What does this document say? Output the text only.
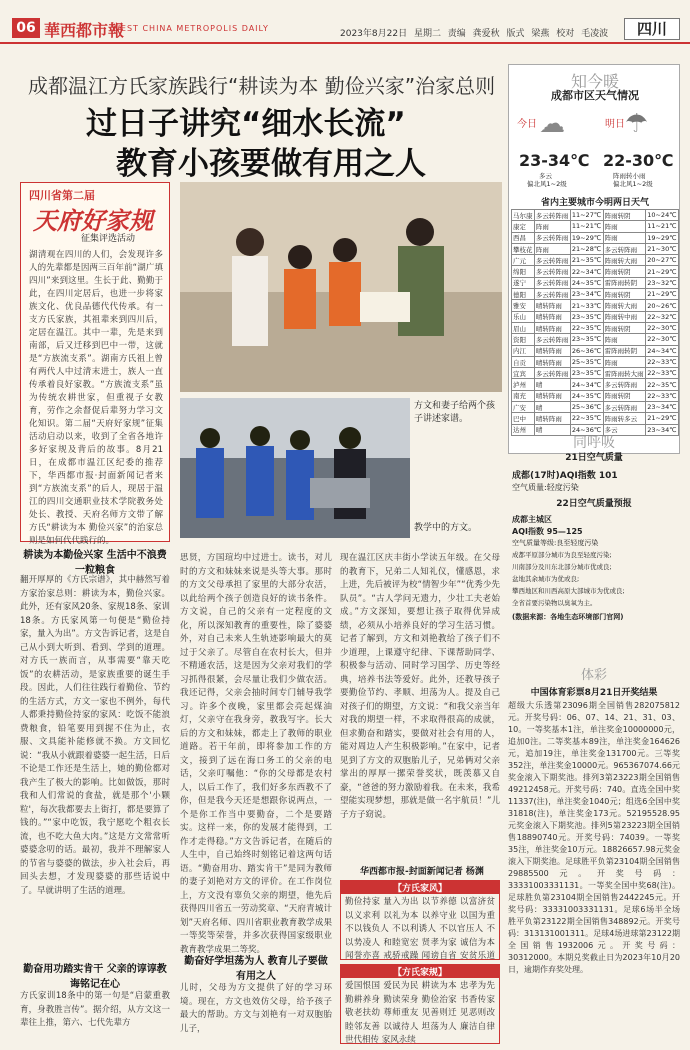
06 華西都市報
WEST CHINA METROPOLIS DAILY
2023年8月22日 星期二 责编 龚爱秋 版式 梁燕 校对 毛凌波	四川
成都温江方氏家族践行“耕读为本 勤俭兴家”治家总则
过日子讲究“细水长流”
教育小孩要做有用之人
四川省第二届
天府好家规
征集评选活动
湖清观在四川的人们，会发现许多人的先辈都是因两三百年前“湖广填四川”来到这里。生长于此、勤勤于此，在四川定居后，也进一步将家族文化、优良品德代代传承。有一支方氏家族，其祖辈来到四川后，定居在温江。其中一辈，先是来到南部，后又迁移到巴中一带，这就是“方族流支系”。湖南方氏祖上曾有两代人中过清末进士，族人一直传承着良好家教。“方族流支系”虽为传统农耕世家，但重视子女教育，劳作之余督促后辈努力学习文化知识。第二届“天府好家规”征集活动启动以来，收到了全省各地许多好家规及背后的故事。8月21日，在成都市温江区纪委的推荐下，华西都市报·封面新闻记者来到“方族流支系”的后人，现居于温江的四川交通职业技术学院教务处处长、教授、天府名师方文带了解方氏“耕读为本 勤俭兴家”的治家总则是如何代代践行的。
方文和妻子给两个孩子讲述家谱。
教学中的方文。
耕读为本勤俭兴家 生活中不浪费一粒粮食
翻开厚厚的《方氏宗谱》，其中赫然写着方家治家总则：耕读为本，勤俭兴家。此外，还有家风20条、家规18条、家训18条。方氏家风第一句便是“勤俭持家，量入为出”。方文告诉记者，这是自己从小到大听到、看到、学到的道理。对方氏一族而言，从事需要“靠天吃饭”的农耕活动，是家族重要的诞生手段。因此，人们往往践行着勤俭、节约的生活方式，方文一家也不例外，每代人都秉持勤俭持家的家风：吃饭不能浪费粮食，铅笔要用到握不住为止，衣服、文具能补能修就不换。方文回忆说：“我从小就跟着婆婆一起生活，日后不论是工作还是生活上，她的勤俭都对我产生了极大的影响。比如做饭，那时我和人们常说的食盐，就是那个'小颗粒'，每次我都要去上街打，都是要算了钱的。”“家中吃饭，我宁愿吃个粗衣长流，也不吃大鱼大肉。”这是方文常常听婆婆念叨的话。最初，我并不理解家人的节省与婆婆的做法，步入社会后，再回头去想，才发现婆婆的那些话说中了。早就讲明了生活的道理。
勤奋用功踏实肯干 父亲的谆谆教诲铭记在心
方氏家训18条中的第一句是“启蒙重教育，身教胜言传”。据介绍，从方文这一辈往上推，第六、七代先辈方
思贤，方国瑄均中过进士。读书，对儿时的方文和妹妹来说是头等大事。那时的方文父母承担了家里的大部分农活，以此给两个孩子创造良好的读书条件。方文说，自己的父亲有一定程度的文化，所以深知教育的重要性，除了婆婆外，对自己未来人生轨迹影响最大的莫过于父亲了。尽管自在农村长大，但并不精通农活，这是因为父亲对我们的学习抓得很紧，会尽量让我们少做农活。我还记得，父亲会抽时间专门辅导我学习。许多个夜晚，家里都会亮起煤油灯，父亲守在我身旁，教我写字。长大后的方文和妹妹，都走上了教师的职业道路。若干年前，即将参加工作的方文，接到了远在海口务工的父亲的电话，父亲叮嘱他：“你的父母都是农村人，以后工作了，我们好多东西教不了你，但是我今天还是想跟你说两点，一个是你工作当中要勤奋，二个是要踏实。这样一来，你的发展才能得到，工作才走得稳。”方文告诉记者，在随后的人生中，自己始终时刻铭记着这两句话语。“勤奋用功、踏实肯干”是同为教师的妻子刘艳对方文的评价。在工作岗位上，方文没有辜负父亲的期望，他先后获得四川省五一劳动奖章、“天府青城计划”天府名师、四川省职业教育教学成果一等奖等荣誉，并多次获得国家级职业教育教学成果二等奖。
勤奋好学坦荡为人 教育儿子要做有用之人
儿时，父母为方文提供了好的学习环境。现在，方文也效仿父母，给予孩子最大的帮助。方文与刘艳有一对双胞胎儿子，
现在温江区庆丰街小学读五年级。在父母的教育下，兄弟二人知礼仪，懂感恩，求上进，先后被评为校“情智少年”“优秀少先队员”。“古人学问无遗力，少壮工夫老始成。”方文深知，要想让孩子取得优异成绩，必须从小培养良好的学习生活习惯。记者了解到，方文和刘艳教给了孩子们不少道理，上课遵守纪律、下课帮助同学、积极参与活动、同时学习国学、历史等经典，培养书法等爱好。此外，还教导孩子要勤俭节约、孝顺、坦荡为人。提及自己对孩子们的期望，方文说：“和我父亲当年对我的期望一样，不求取得很高的成就，但求勤奋和踏实，要做对社会有用的人，能对周边人产生积极影响。”在家中，记者见到了方文的双胞胎儿子，兄弟俩对父亲掌出的厚厚一摞荣誉奖状，既羡慕又自豪，“爸爸的努力激励着我。在未来，我希望能实现梦想，那就是做一名宇航员！”儿子方子窈说。
华西都市报-封面新闻记者 杨渊
【方氏家风】
勤俭持家 量入为出 以节养德 以富济贫 以义求利 以礼为本 以养守业 以国为重 不以钱负人 不以利诱人 不以官压人 不以势凌人 和睦宽宏 贤孝为家 诚信为本 闻誉亦喜 戒骄戒躁 闻谤自省 安贫乐道
【方氏家规】
爱国恨国 爱民为民 耕读为本 忠孝为先 勤耕养身 勤读荣身 勤俭治家 书香传家 敬老扶幼 尊师重友 见善则迁 见恶则改 睦邻友善 以诚待人 坦荡为人 廉洁自律 世代相传 家风永续
知今暖
成都市区天气情况
今日	明日
☁ ☂
23-34℃ 22-30℃
多云
偏北风1~2级
阵雨转小雨
偏北风1~2级
省内主要城市今明两日天气
马尔康	多云转阵雨	11~27℃	阵雨转阴	10~24℃
康定	阵雨	11~21℃	阵雨	11~21℃
西昌	多云转阵雨	19~29℃	阵雨	19~29℃
攀枝花	阵雨	21~28℃	多云转阵雨	21~30℃
广元	多云转阵雨	21~35℃	阵雨转大雨	20~27℃
绵阳	多云转阵雨	22~34℃	阵雨转阴	21~29℃
遂宁	多云转阵雨	24~35℃	雷阵雨转阴	23~32℃
德阳	多云转阵雨	23~34℃	阵雨转阴	21~29℃
雅安	晴转阵雨	21~33℃	阵雨转大雨	20~26℃
乐山	晴转阵雨	23~35℃	阵雨转中雨	22~32℃
眉山	晴转阵雨	22~35℃	阵雨转阴	22~30℃
资阳	多云转阵雨	23~35℃	阵雨	22~30℃
内江	晴转阵雨	26~36℃	雷阵雨转阴	24~34℃
自贡	晴转阵雨	25~35℃	阵雨	22~33℃
宜宾	多云转阵雨	23~35℃	雷阵雨转大雨	22~33℃
泸州	晴	24~34℃	多云转阵雨	22~35℃
南充	晴转阵雨	24~35℃	阵雨转阴	22~33℃
广安	晴	25~36℃	多云转阵雨	23~34℃
巴中	晴转阵雨	22~35℃	阵雨转多云	21~29℃
达州	晴	24~36℃	多云	23~34℃
同呼吸
21日空气质量
成都(17时)AQI指数 101
空气质量:轻度污染
22日空气质量预报
成都主城区
AQI指数 95—125
空气质量等级:良至轻度污染
成都平原部分城市为良至轻度污染;
川南部分及川东北部分城市优或良;
盆地其余城市为优或良;
攀西地区和川西高原大部城市为优或良;
全省首要污染物以臭氧为主。
(数据来源：各地生态环境部门官网)
体彩
中国体育彩票8月21日开奖结果
超级大乐透第23096期全国销售282075812元。开奖号码：06、07、14、21、31、03、10。一等奖基本1注，单注奖金10000000元，追加0注。二等奖基本89注，单注奖金164626元，追加19注，单注奖金131700元。三等奖352注，单注奖金10000元。965367074.66元奖金滚入下期奖池。排列3第23223期全国销售49212458元。开奖号码：740。直选全国中奖11337(注)，单注奖金1040元；组选6全国中奖31818(注)，单注奖金173元。52195528.95元奖金滚入下期奖池。排列5第23223期全国销售18890740元。开奖号码：74039。一等奖35注，单注奖金10万元。18826657.98元奖金滚入下期奖池。足球胜平负第23104期全国销售29885500元。开奖号码：33331003331131。一等奖全国中奖68(注)。足球胜负第23104期全国销售2442245元。开奖号码：33331003331131。足球6场半全场胜平负第23122期全国销售348892元。开奖号码：313131001311。足球4场进球第23122期全国销售1932006元。开奖号码：30312000。本期兑奖截止日为2023年10月20日，逾期作弃奖处理。
